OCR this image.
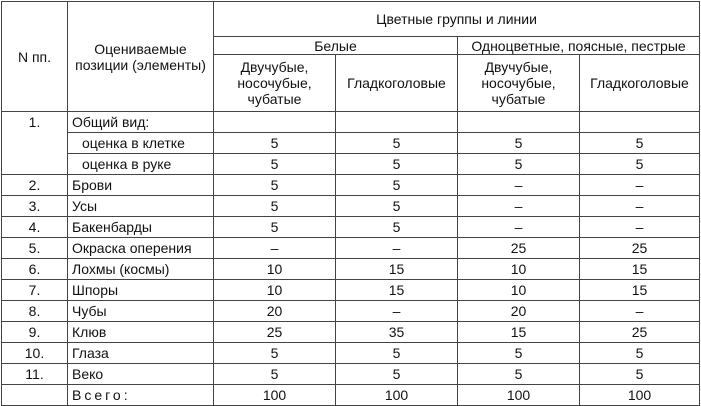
N пп.	Оцениваемые позиции (элементы)	Цветные группы и линии			
		Белые		Одноцветные, поясные, пестрые	
		Двучубые, носочубые, чубатые	Гладкоголовые	Двучубые, носочубые, чубатые	Гладкоголовые
1.	Общий вид:				
	оценка в клетке	5	5	5	5
	оценка в руке	5	5	5	5
2.	Брови	5	5	–	–
3.	Усы	5	5	–	–
4.	Бакенбарды	5	5	–	–
5.	Окраска оперения	–	–	25	25
6.	Лохмы (космы)	10	15	10	15
7.	Шпоры	10	15	10	15
8.	Чубы	20	–	20	–
9.	Клюв	25	35	15	25
10.	Глаза	5	5	5	5
11.	Веко	5	5	5	5
	Всего:	100	100	100	100
